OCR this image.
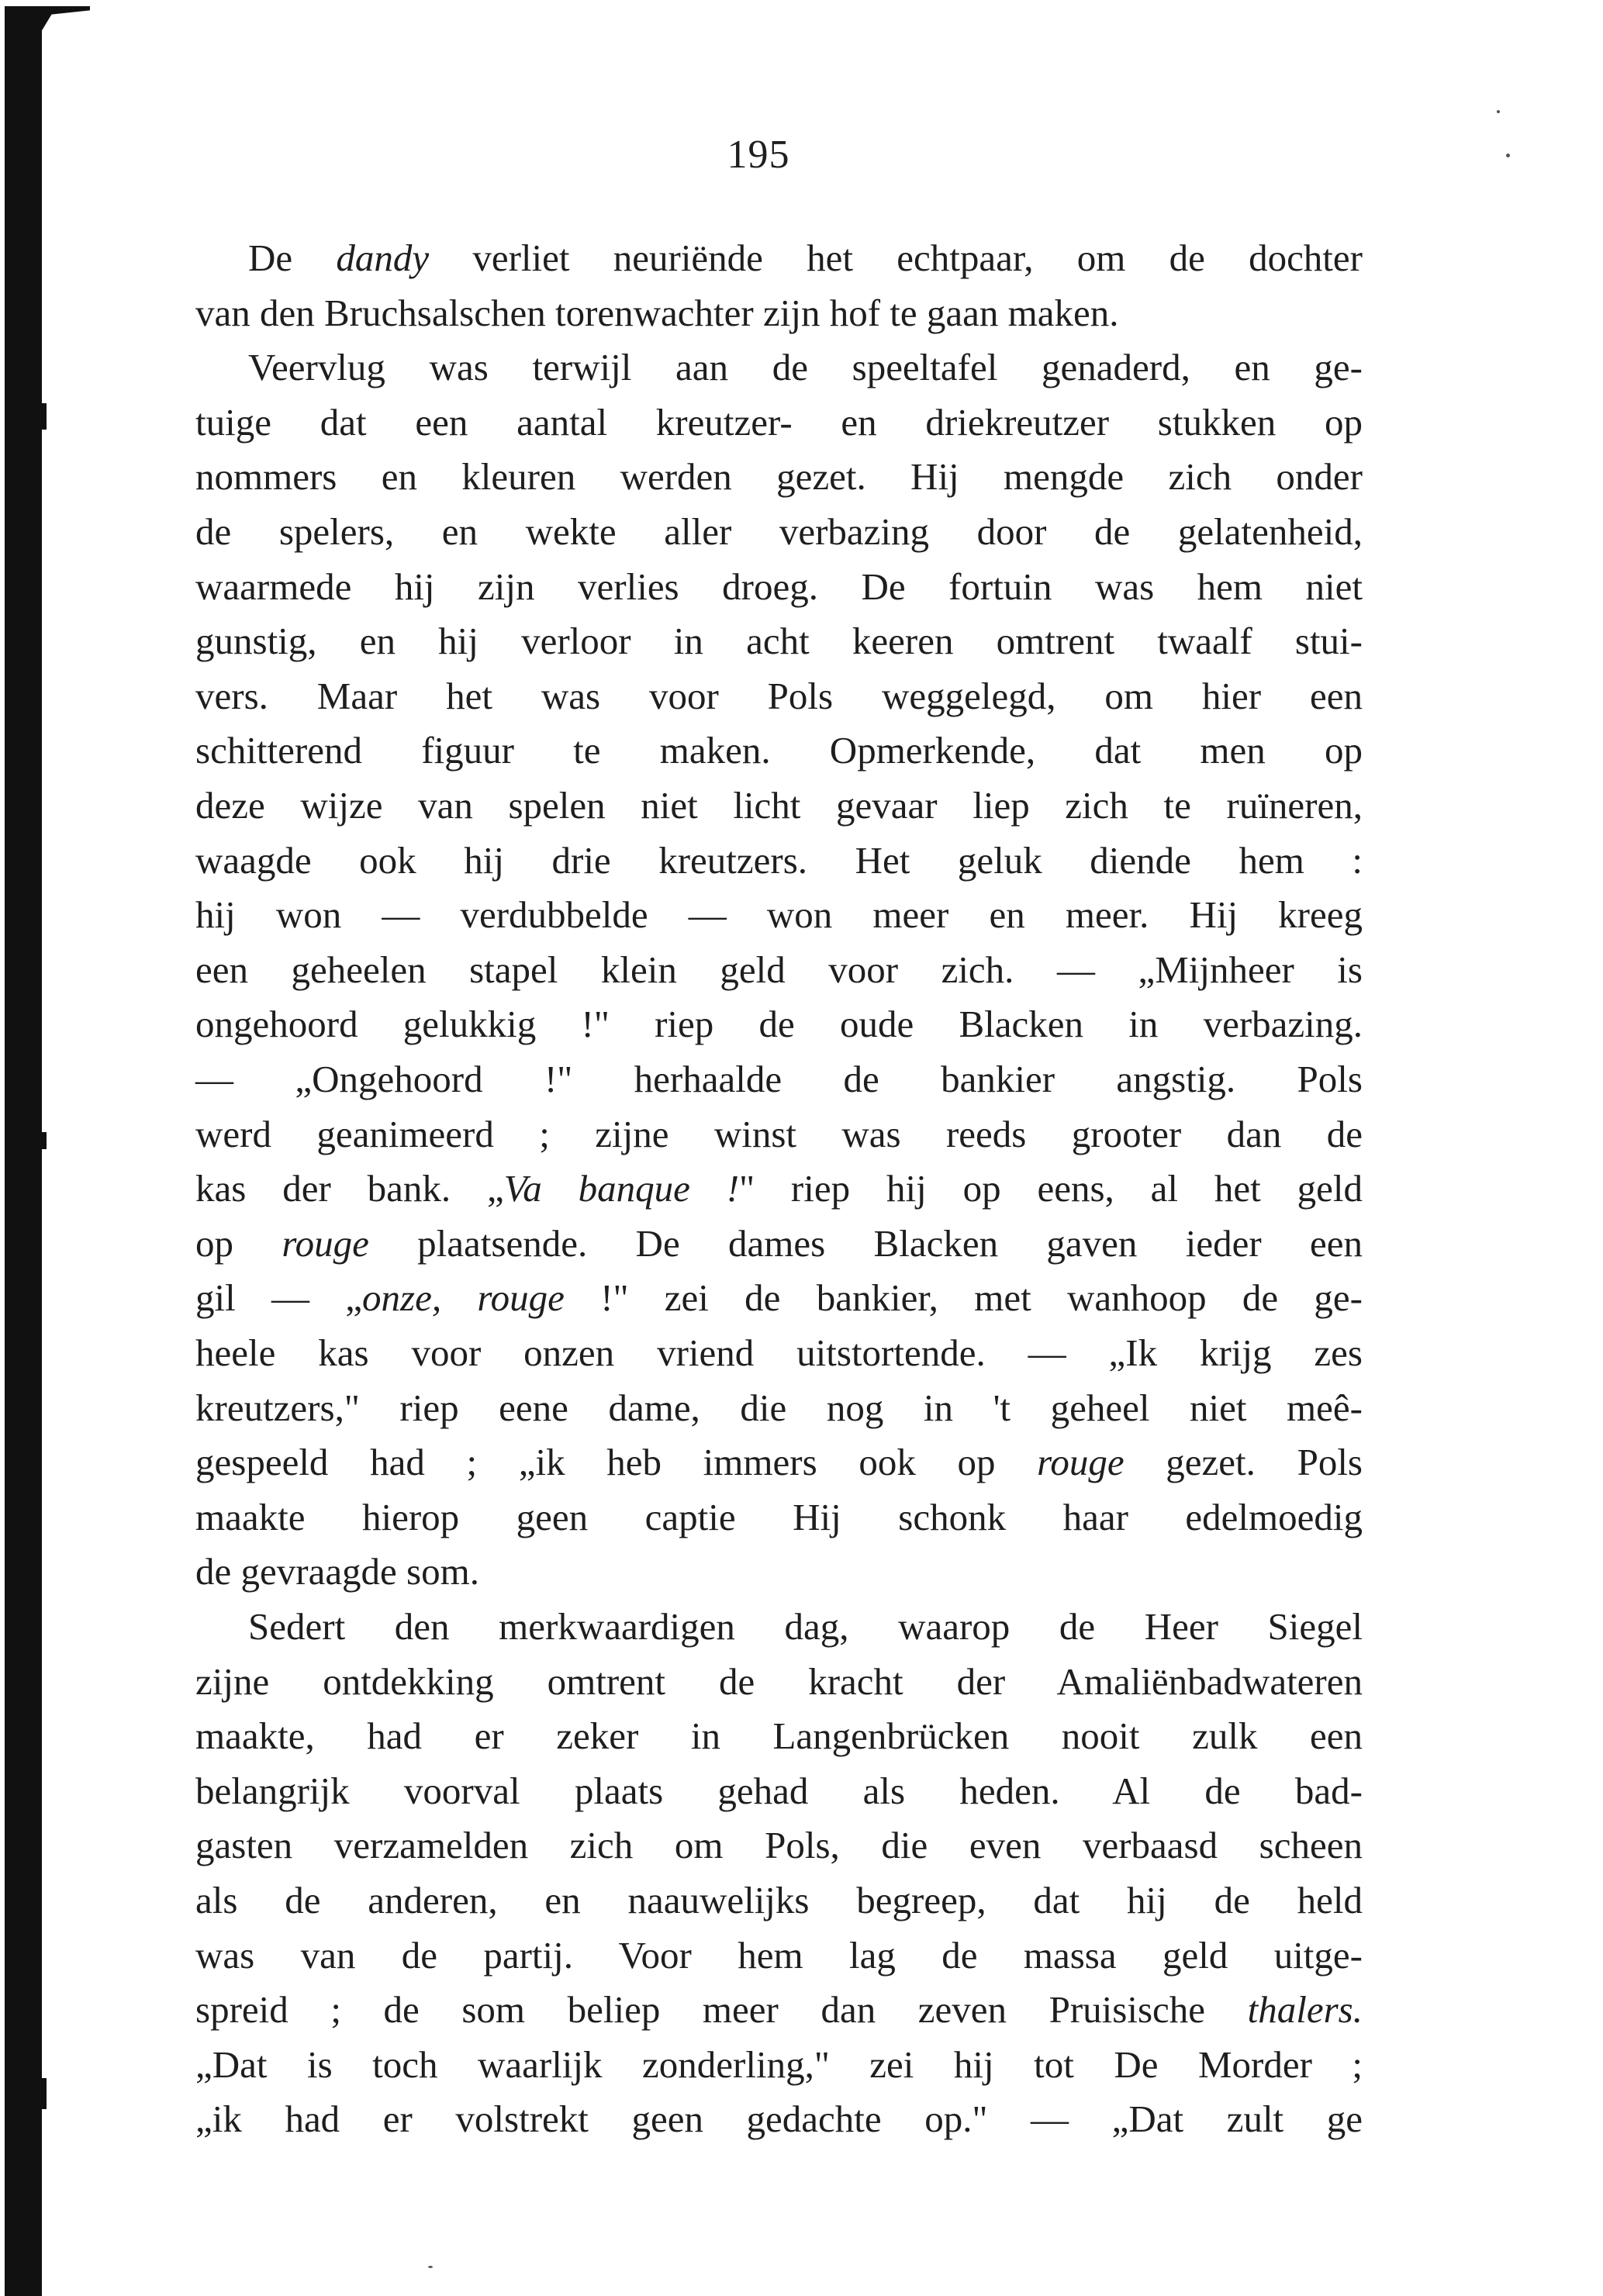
195
De dandy verliet neuriënde het echtpaar, om de dochter
van den Bruchsalschen torenwachter zijn hof te gaan maken.
Veervlug was terwijl aan de speeltafel genaderd, en ge-
tuige dat een aantal kreutzer- en driekreutzer stukken op
nommers en kleuren werden gezet. Hij mengde zich onder
de spelers, en wekte aller verbazing door de gelatenheid,
waarmede hij zijn verlies droeg. De fortuin was hem niet
gunstig, en hij verloor in acht keeren omtrent twaalf stui-
vers. Maar het was voor Pols weggelegd, om hier een
schitterend figuur te maken. Opmerkende, dat men op
deze wijze van spelen niet licht gevaar liep zich te ruïneren,
waagde ook hij drie kreutzers. Het geluk diende hem :
hij won — verdubbelde — won meer en meer. Hij kreeg
een geheelen stapel klein geld voor zich. — „Mijnheer is
ongehoord gelukkig !" riep de oude Blacken in verbazing.
— „Ongehoord !" herhaalde de bankier angstig. Pols
werd geanimeerd ; zijne winst was reeds grooter dan de
kas der bank. „Va banque !" riep hij op eens, al het geld
op rouge plaatsende. De dames Blacken gaven ieder een
gil — „onze, rouge !" zei de bankier, met wanhoop de ge-
heele kas voor onzen vriend uitstortende. — „Ik krijg zes
kreutzers," riep eene dame, die nog in 't geheel niet meê-
gespeeld had ; „ik heb immers ook op rouge gezet. Pols
maakte hierop geen captie Hij schonk haar edelmoedig
de gevraagde som.
Sedert den merkwaardigen dag, waarop de Heer Siegel
zijne ontdekking omtrent de kracht der Amaliënbadwateren
maakte, had er zeker in Langenbrücken nooit zulk een
belangrijk voorval plaats gehad als heden. Al de bad-
gasten verzamelden zich om Pols, die even verbaasd scheen
als de anderen, en naauwelijks begreep, dat hij de held
was van de partij. Voor hem lag de massa geld uitge-
spreid ; de som beliep meer dan zeven Pruisische thalers.
„Dat is toch waarlijk zonderling," zei hij tot De Morder ;
„ik had er volstrekt geen gedachte op." — „Dat zult ge
